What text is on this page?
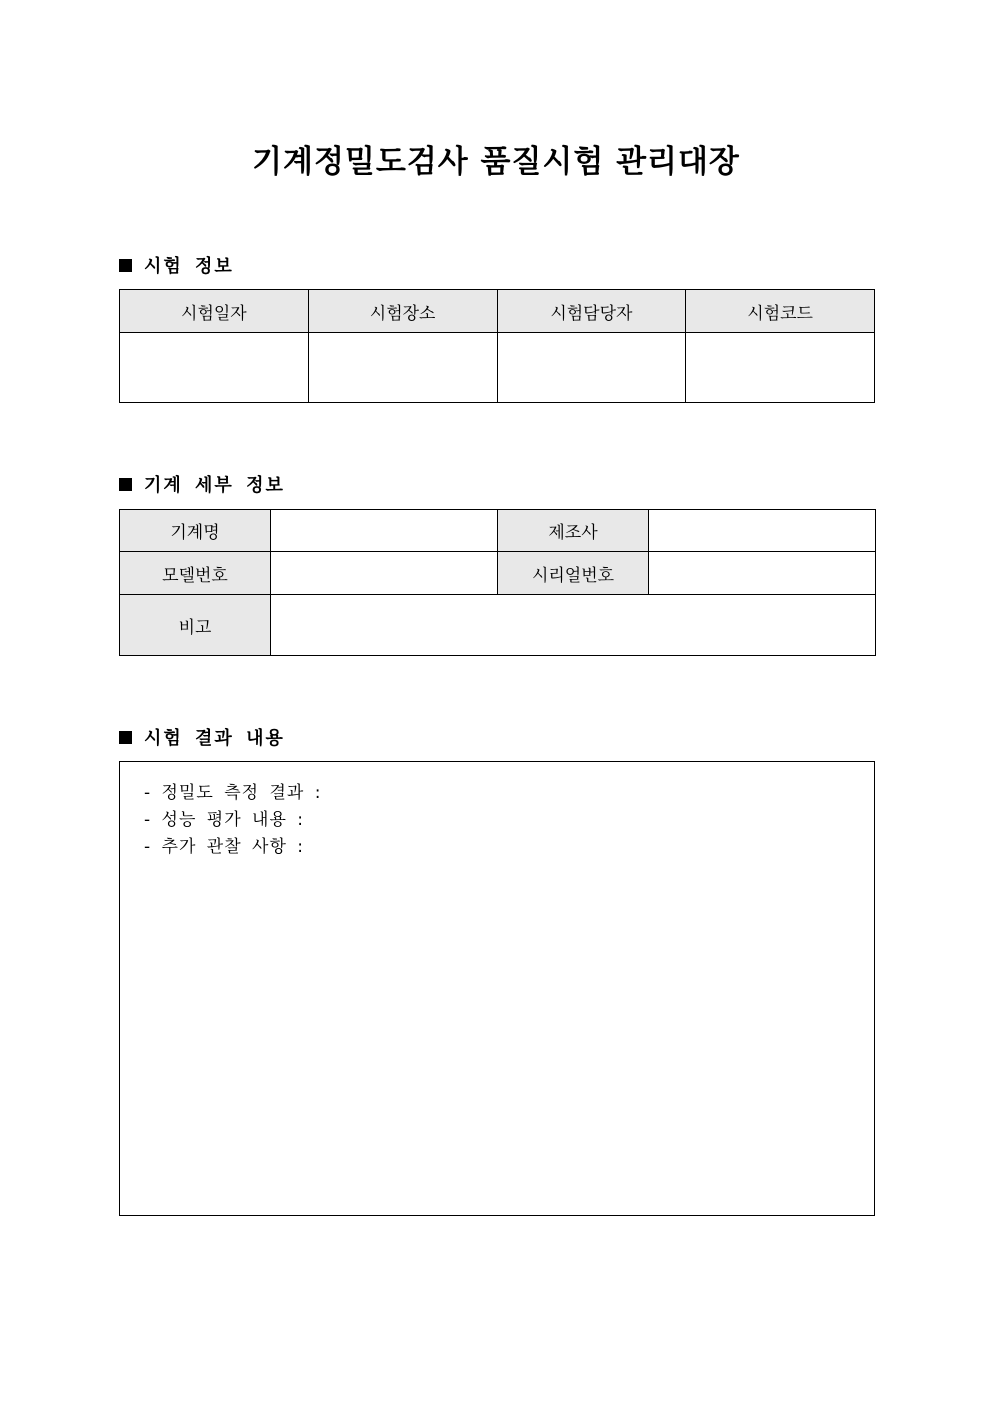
기계정밀도검사 품질시험 관리대장
시험 정보
시험일자	시험장소	시험담당자	시험코드

기계 세부 정보
기계명		제조사	
모델번호		시리얼번호	
비고			
시험 결과 내용
- 정밀도 측정 결과 :
- 성능 평가 내용 :
- 추가 관찰 사항 :
